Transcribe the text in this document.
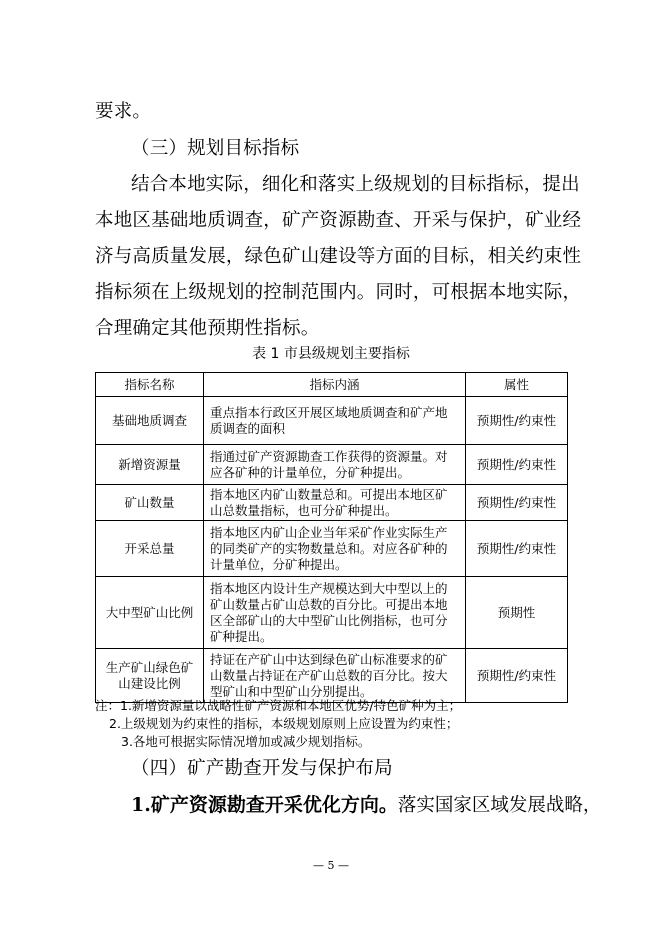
要求。
（三）规划目标指标
结合本地实际，细化和落实上级规划的目标指标，提出
本地区基础地质调查，矿产资源勘查、开采与保护，矿业经
济与高质量发展，绿色矿山建设等方面的目标，相关约束性
指标须在上级规划的控制范围内。同时，可根据本地实际，
合理确定其他预期性指标。
表 1 市县级规划主要指标
指标名称	指标内涵	属性
基础地质调查	重点指本行政区开展区域地质调查和矿产地质调查的面积	预期性/约束性
新增资源量	指通过矿产资源勘查工作获得的资源量。对应各矿种的计量单位，分矿种提出。	预期性/约束性
矿山数量	指本地区内矿山数量总和。可提出本地区矿山总数量指标，也可分矿种提出。	预期性/约束性
开采总量	指本地区内矿山企业当年采矿作业实际生产的同类矿产的实物数量总和。对应各矿种的计量单位，分矿种提出。	预期性/约束性
大中型矿山比例	指本地区内设计生产规模达到大中型以上的矿山数量占矿山总数的百分比。可提出本地区全部矿山的大中型矿山比例指标，也可分矿种提出。	预期性
生产矿山绿色矿山建设比例	持证在产矿山中达到绿色矿山标准要求的矿山数量占持证在产矿山总数的百分比。按大型矿山和中型矿山分别提出。	预期性/约束性
注：1.新增资源量以战略性矿产资源和本地区优势/特色矿种为主；
2.上级规划为约束性的指标，本级规划原则上应设置为约束性；
3.各地可根据实际情况增加或减少规划指标。
（四）矿产勘查开发与保护布局
1.矿产资源勘查开采优化方向。落实国家区域发展战略，
— 5 —
